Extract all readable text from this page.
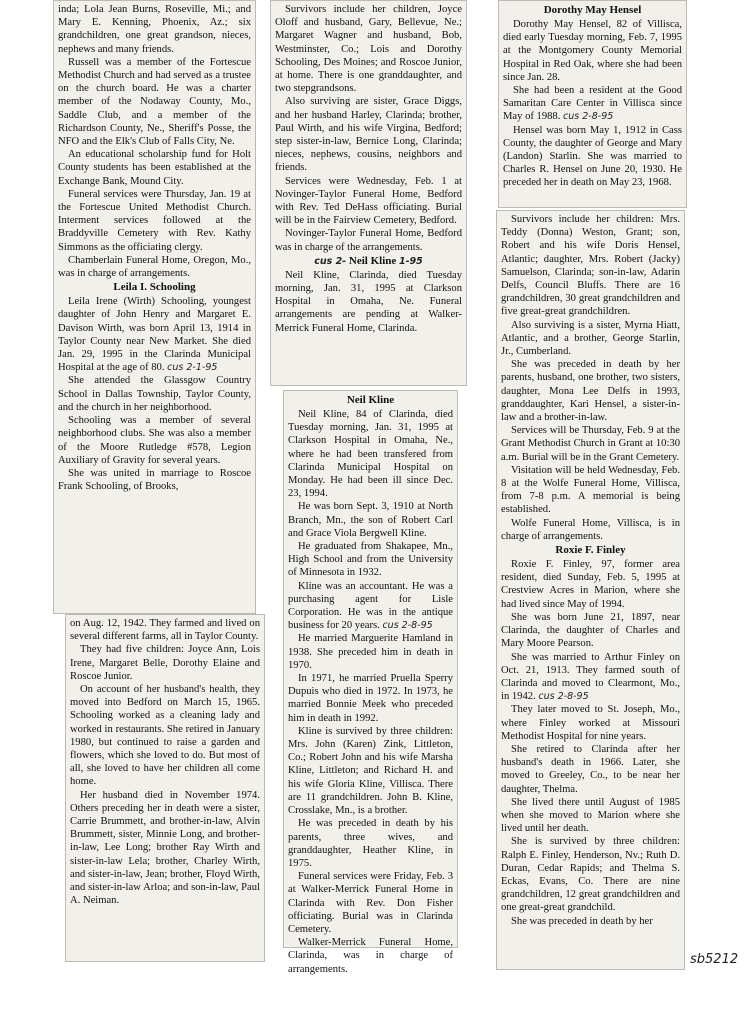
inda; Lola Jean Burns, Roseville, Mi.; and Mary E. Kenning, Phoenix, Az.; six grandchildren, one great grandson, nieces, nephews and many friends.

Russell was a member of the Fortescue Methodist Church and had served as a trustee on the church board. He was a charter member of the Nodaway County, Mo., Saddle Club, and a member of the Richardson County, Ne., Sheriff's Posse, the NFO and the Elk's Club of Falls City, Ne.

An educational scholarship fund for Holt County students has been established at the Exchange Bank, Mound City.

Funeral services were Thursday, Jan. 19 at the Fortescue United Methodist Church. Interment services followed at the Braddyville Cemetery with Rev. Kathy Simmons as the officiating clergy.

Chamberlain Funeral Home, Oregon, Mo., was in charge of arrangements.

Leila I. Schooling

Leila Irene (Wirth) Schooling, youngest daughter of John Henry and Margaret E. Davison Wirth, was born April 13, 1914 in Taylor County near New Market. She died Jan. 29, 1995 in the Clarinda Municipal Hospital at the age of 80. cus 2-1-95

She attended the Glassgow Country School in Dallas Township, Taylor County, and the church in her neighborhood.

Schooling was a member of several neighborhood clubs. She was also a member of the Moore Rutledge #578, Legion Auxiliary of Gravity for several years.

She was united in marriage to Roscoe Frank Schooling, of Brooks,

on Aug. 12, 1942. They farmed and lived on several different farms, all in Taylor County.

They had five children: Joyce Ann, Lois Irene, Margaret Belle, Dorothy Elaine and Roscoe Junior.

On account of her husband's health, they moved into Bedford on March 15, 1965. Schooling worked as a cleaning lady and worked in restaurants. She retired in January 1980, but continued to raise a garden and flowers, which she loved to do. But most of all, she loved to have her children all come home.

Her husband died in November 1974. Others preceding her in death were a sister, Carrie Brummett, and brother-in-law, Alvin Brummett, sister, Minnie Long, and brother-in-law, Lee Long; brother Ray Wirth and sister-in-law Lela; brother, Charley Wirth, and sister-in-law, Jean; brother, Floyd Wirth, and sister-in-law Arloa; and son-in-law, Paul A. Neiman.

Survivors include her children, Joyce Oloff and husband, Gary, Bellevue, Ne.; Margaret Wagner and husband, Bob, Westminster, Co.; Lois and Dorothy Schooling, Des Moines; and Roscoe Junior, at home. There is one granddaughter, and two stepgrandsons.

Also surviving are sister, Grace Diggs, and her husband Harley, Clarinda; brother, Paul Wirth, and his wife Virgina, Bedford; step sister-in-law, Bernice Long, Clarinda; nieces, nephews, cousins, neighbors and friends.

Services were Wednesday, Feb. 1 at Novinger-Taylor Funeral Home, Bedford with Rev. Ted DeHass officiating. Burial will be in the Fairview Cemetery, Bedford.

Novinger-Taylor Funeral Home, Bedford was in charge of the arrangements.

cus 2- Neil Kline 1-95

Neil Kline, Clarinda, died Tuesday morning, Jan. 31, 1995 at Clarkson Hospital in Omaha, Ne. Funeral arrangements are pending at Walker-Merrick Funeral Home, Clarinda.

Neil Kline

Neil Kline, 84 of Clarinda, died Tuesday morning, Jan. 31, 1995 at Clarkson Hospital in Omaha, Ne., where he had been transfered from Clarinda Municipal Hospital on Monday. He had been ill since Dec. 23, 1994.

He was born Sept. 3, 1910 at North Branch, Mn., the son of Robert Carl and Grace Viola Bergwell Kline.

He graduated from Shakapee, Mn., High School and from the University of Minnesota in 1932.

Kline was an accountant. He was a purchasing agent for Lisle Corporation. He was in the antique business for 20 years. cus 2-8-95

He married Marguerite Hamland in 1938. She preceded him in death in 1970.

In 1971, he married Pruella Sperry Dupuis who died in 1972. In 1973, he married Bonnie Meek who preceded him in death in 1992.

Kline is survived by three children: Mrs. John (Karen) Zink, Littleton, Co.; Robert John and his wife Marsha Kline, Littleton; and Richard H. and his wife Gloria Kline, Villisca. There are 11 grandchildren. John B. Kline, Crosslake, Mn., is a brother.

He was preceded in death by his parents, three wives, and granddaughter, Heather Kline, in 1975.

Funeral services were Friday, Feb. 3 at Walker-Merrick Funeral Home in Clarinda with Rev. Don Fisher officiating. Burial was in Clarinda Cemetery.

Walker-Merrick Funeral Home, Clarinda, was in charge of arrangements.

Dorothy May Hensel

Dorothy May Hensel, 82 of Villisca, died early Tuesday morning, Feb. 7, 1995 at the Montgomery County Memorial Hospital in Red Oak, where she had been since Jan. 28.

She had been a resident at the Good Samaritan Care Center in Villisca since May of 1988. cus 2-8-95

Hensel was born May 1, 1912 in Cass County, the daughter of George and Mary (Landon) Starlin. She was married to Charles R. Hensel on June 20, 1930. He preceded her in death on May 23, 1968.

Survivors include her children: Mrs. Teddy (Donna) Weston, Grant; son, Robert and his wife Doris Hensel, Atlantic; daughter, Mrs. Robert (Jacky) Samuelson, Clarinda; son-in-law, Adarin Delfs, Council Bluffs. There are 16 grandchildren, 30 great grandchildren and five great-great grandchildren.

Also surviving is a sister, Myrna Hiatt, Atlantic, and a brother, George Starlin, Jr., Cumberland.

She was preceded in death by her parents, husband, one brother, two sisters, daughter, Mona Lee Delfs in 1993, granddaughter, Kari Hensel, a sister-in-law and a brother-in-law.

Services will be Thursday, Feb. 9 at the Grant Methodist Church in Grant at 10:30 a.m. Burial will be in the Grant Cemetery.

Visitation will be held Wednesday, Feb. 8 at the Wolfe Funeral Home, Villisca, from 7-8 p.m. A memorial is being established.

Wolfe Funeral Home, Villisca, is in charge of arrangements.

Roxie F. Finley

Roxie F. Finley, 97, former area resident, died Sunday, Feb. 5, 1995 at Crestview Acres in Marion, where she had lived since May of 1994.

She was born June 21, 1897, near Clarinda, the daughter of Charles and Mary Moore Pearson.

She was married to Arthur Finley on Oct. 21, 1913. They farmed south of Clarinda and moved to Clearmont, Mo., in 1942. cus 2-8-95

They later moved to St. Joseph, Mo., where Finley worked at Missouri Methodist Hospital for nine years.

She retired to Clarinda after her husband's death in 1966. Later, she moved to Greeley, Co., to be near her daughter, Thelma.

She lived there until August of 1985 when she moved to Marion where she lived until her death.

She is survived by three children: Ralph E. Finley, Henderson, Nv.; Ruth D. Duran, Cedar Rapids; and Thelma S. Eckas, Evans, Co. There are nine grandchildren, 12 great grandchildren and one great-great grandchild.

She was preceded in death by her

sb5212
